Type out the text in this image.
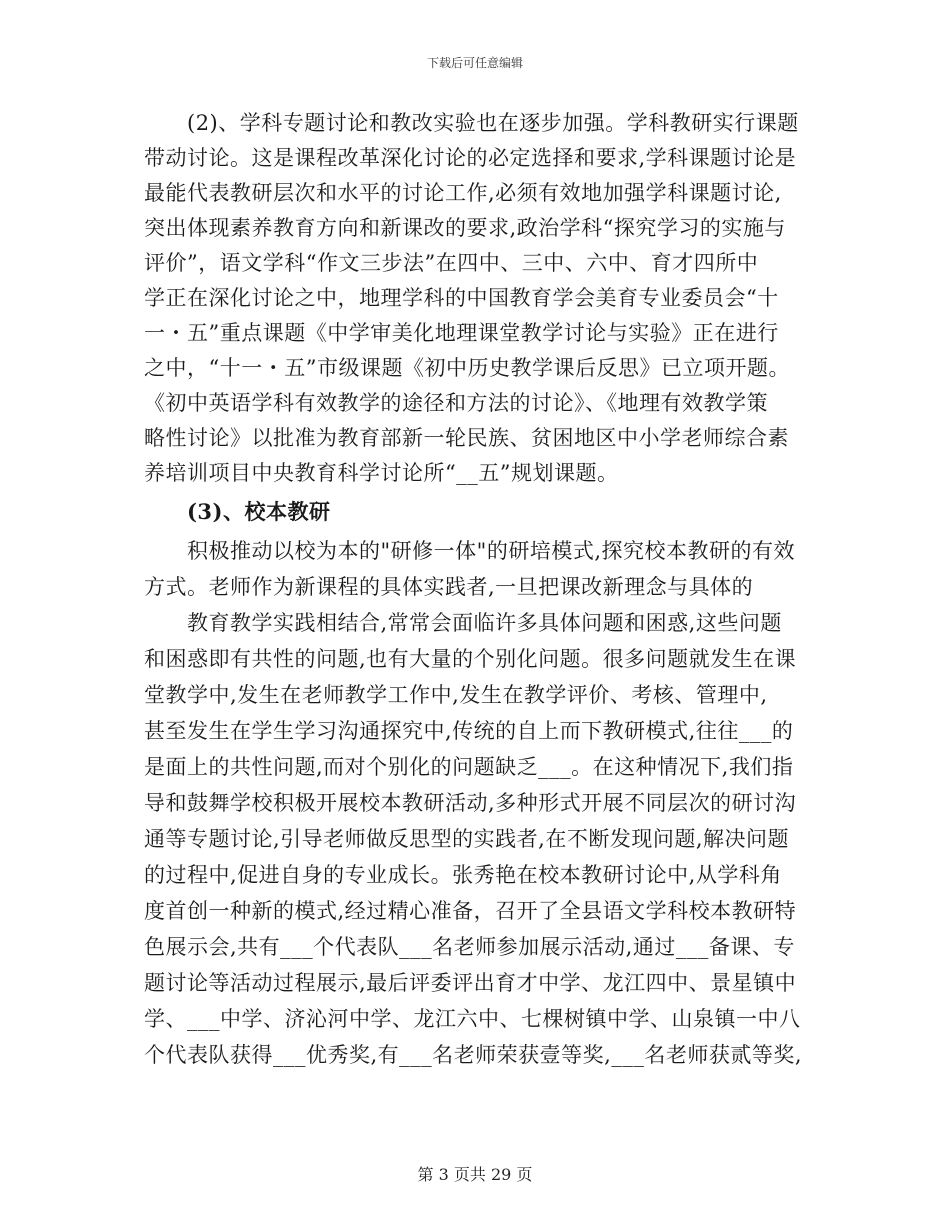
下载后可任意编辑
(2)、学科专题讨论和教改实验也在逐步加强。学科教研实行课题
带动讨论。这是课程改革深化讨论的必定选择和要求,学科课题讨论是
最能代表教研层次和水平的讨论工作,必须有效地加强学科课题讨论,
突出体现素养教育方向和新课改的要求,政治学科“探究学习的实施与
评价”，语文学科“作文三步法”在四中、三中、六中、育才四所中
学正在深化讨论之中，地理学科的中国教育学会美育专业委员会“十
一・五”重点课题《中学审美化地理课堂教学讨论与实验》正在进行
之中，“十一・五”市级课题《初中历史教学课后反思》已立项开题。
《初中英语学科有效教学的途径和方法的讨论》、《地理有效教学策
略性讨论》以批准为教育部新一轮民族、贫困地区中小学老师综合素
养培训项目中央教育科学讨论所“__五”规划课题。
(3)、校本教研
积极推动以校为本的"研修一体"的研培模式,探究校本教研的有效
方式。老师作为新课程的具体实践者,一旦把课改新理念与具体的
教育教学实践相结合,常常会面临许多具体问题和困惑,这些问题
和困惑即有共性的问题,也有大量的个别化问题。很多问题就发生在课
堂教学中,发生在老师教学工作中,发生在教学评价、考核、管理中,
甚至发生在学生学习沟通探究中,传统的自上而下教研模式,往往___的
是面上的共性问题,而对个别化的问题缺乏___。在这种情况下,我们指
导和鼓舞学校积极开展校本教研活动,多种形式开展不同层次的研讨沟
通等专题讨论,引导老师做反思型的实践者,在不断发现问题,解决问题
的过程中,促进自身的专业成长。张秀艳在校本教研讨论中,从学科角
度首创一种新的模式,经过精心准备，召开了全县语文学科校本教研特
色展示会,共有___个代表队___名老师参加展示活动,通过___备课、专
题讨论等活动过程展示,最后评委评出育才中学、龙江四中、景星镇中
学、___中学、济沁河中学、龙江六中、七棵树镇中学、山泉镇一中八
个代表队获得___优秀奖,有___名老师荣获壹等奖,___名老师获贰等奖,
第 3 页共 29 页
